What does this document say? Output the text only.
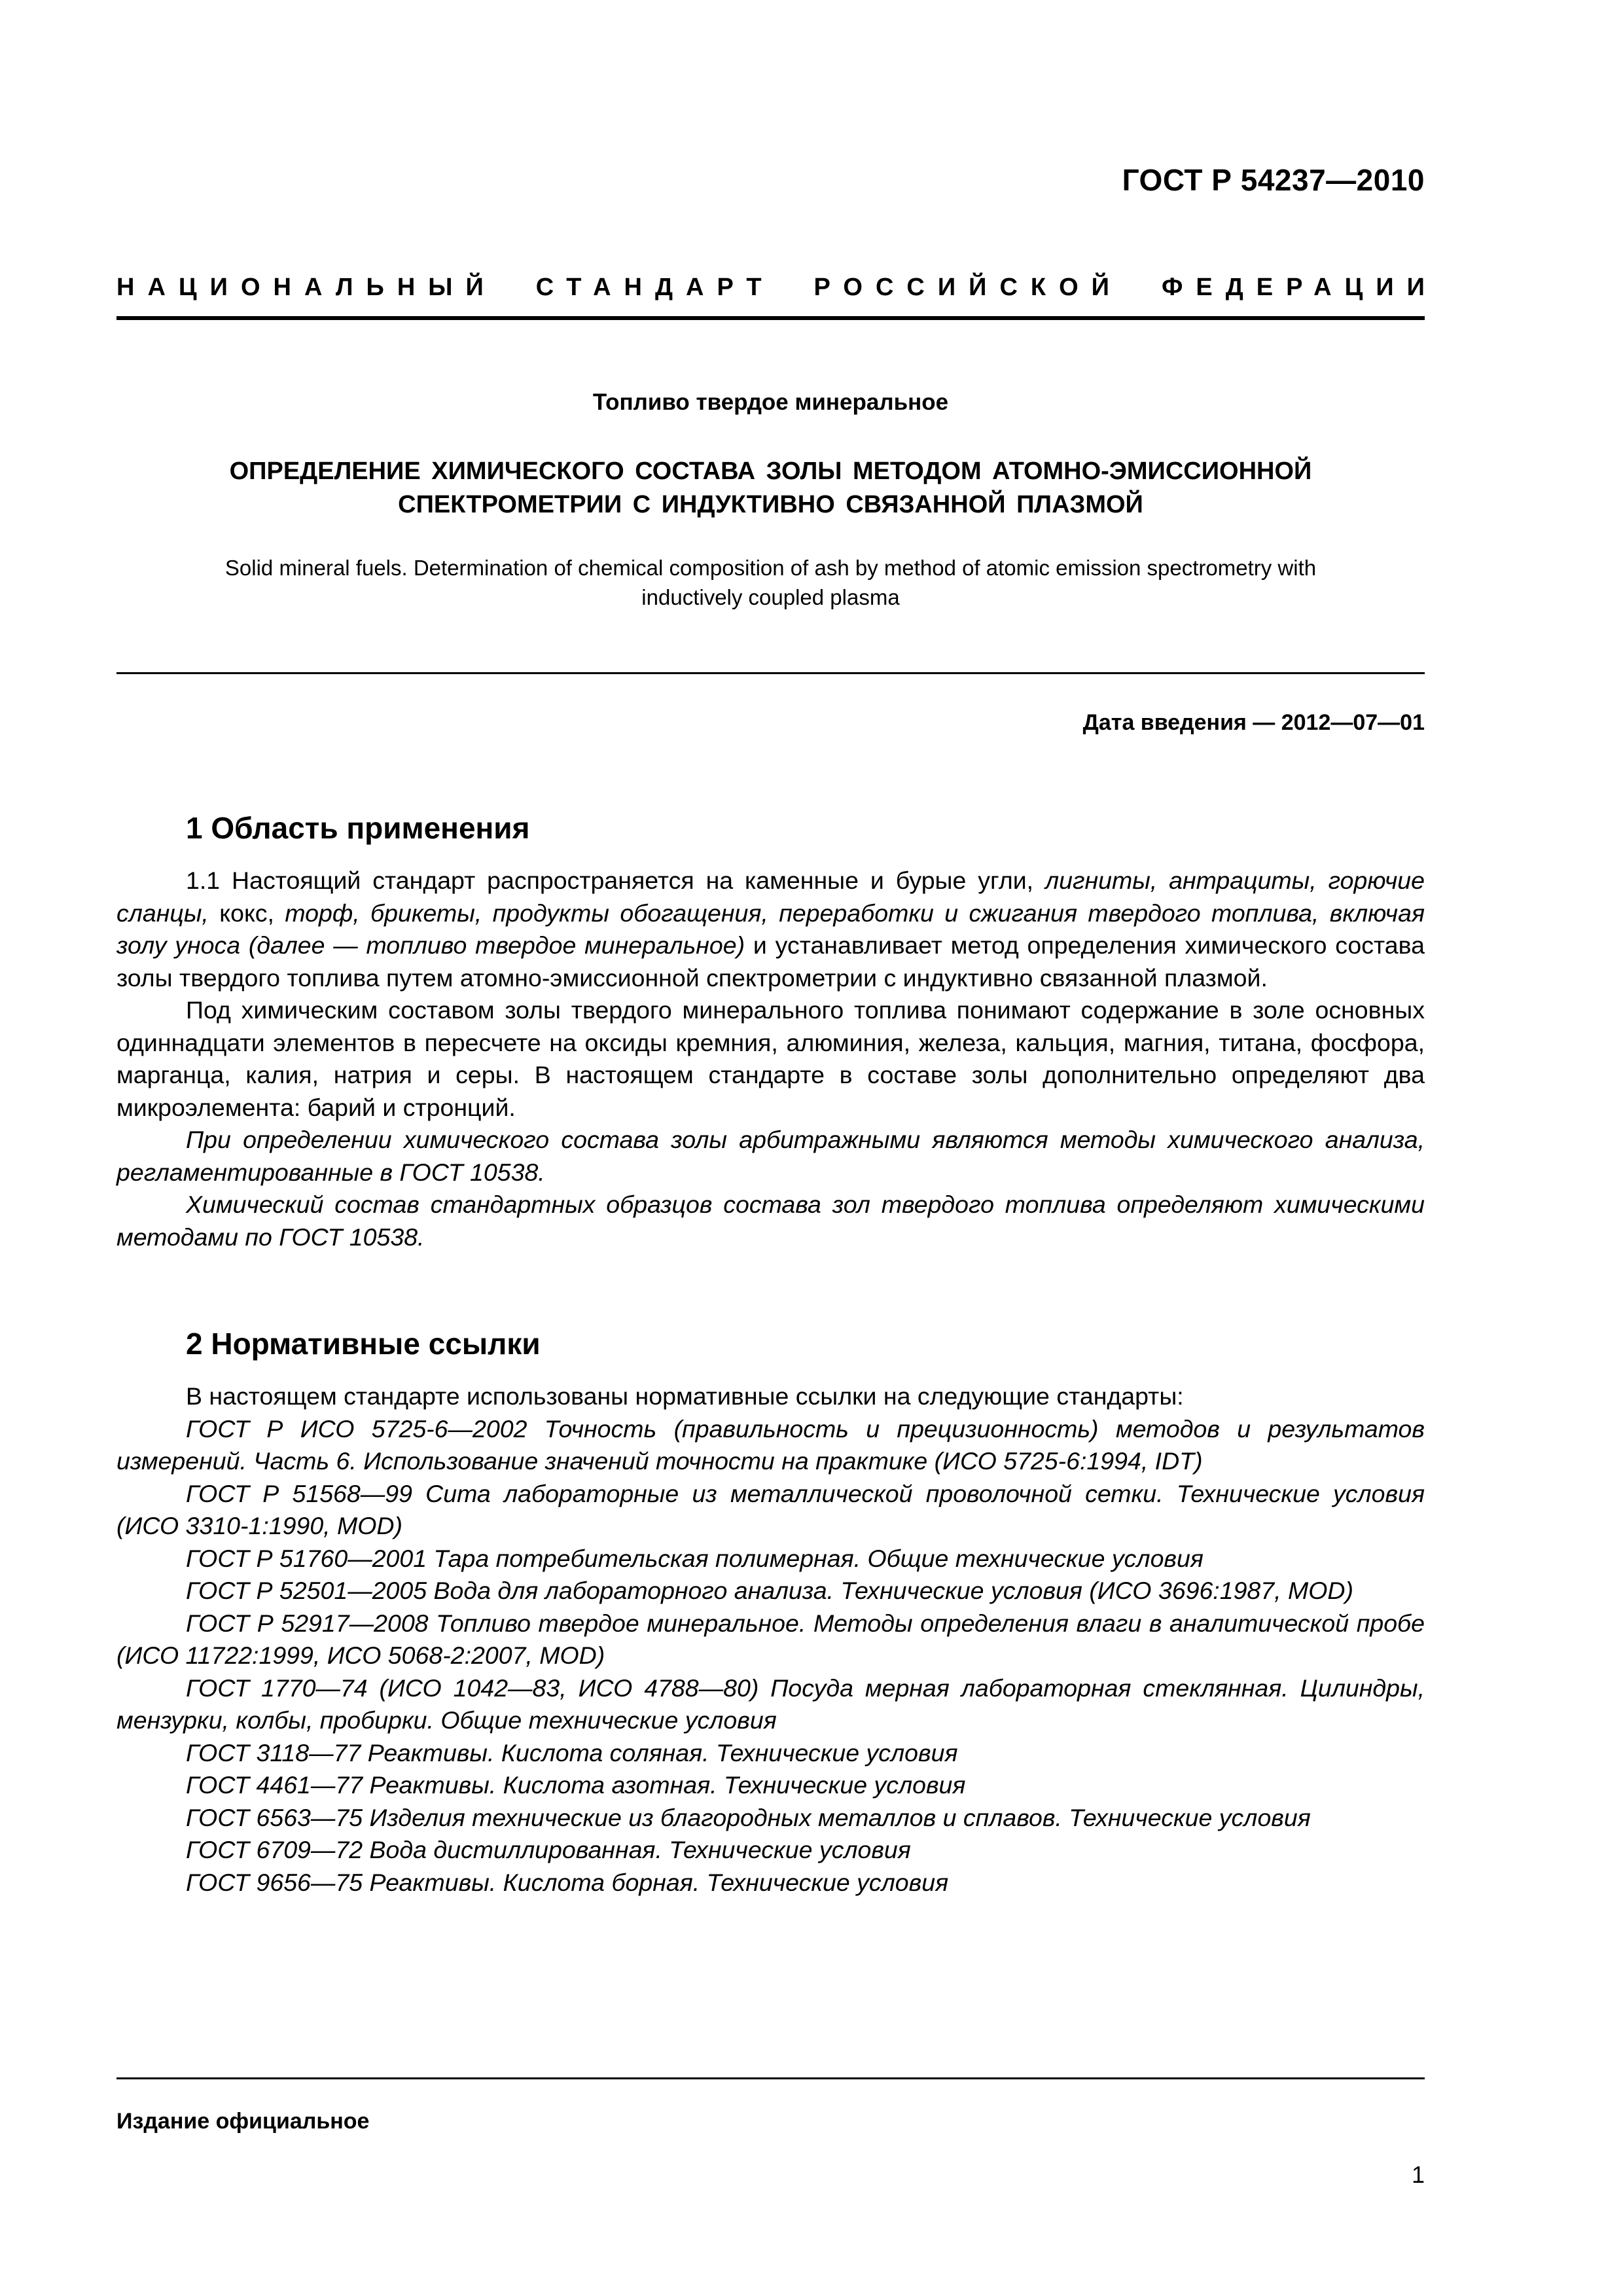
ГОСТ Р 54237—2010
НАЦИОНАЛЬНЫЙ СТАНДАРТ РОССИЙСКОЙ ФЕДЕРАЦИИ
Топливо твердое минеральное
ОПРЕДЕЛЕНИЕ ХИМИЧЕСКОГО СОСТАВА ЗОЛЫ МЕТОДОМ АТОМНО-ЭМИССИОННОЙ
СПЕКТРОМЕТРИИ С ИНДУКТИВНО СВЯЗАННОЙ ПЛАЗМОЙ
Solid mineral fuels. Determination of chemical composition of ash by method of atomic emission spectrometry with
inductively coupled plasma
Дата введения — 2012—07—01
1 Область применения

1.1 Настоящий стандарт распространяется на каменные и бурые угли, лигниты, антрациты, горючие сланцы, кокс, торф, брикеты, продукты обогащения, переработки и сжигания твердого топлива, включая золу уноса (далее — топливо твердое минеральное) и устанавливает метод определения химического состава золы твердого топлива путем атомно-эмиссионной спектрометрии с индуктивно связанной плазмой.

Под химическим составом золы твердого минерального топлива понимают содержание в золе основных одиннадцати элементов в пересчете на оксиды кремния, алюминия, железа, кальция, магния, титана, фосфора, марганца, калия, натрия и серы. В настоящем стандарте в составе золы дополнительно определяют два микроэлемента: барий и стронций.

При определении химического состава золы арбитражными являются методы химического анализа, регламентированные в ГОСТ 10538.

Химический состав стандартных образцов состава зол твердого топлива определяют химическими методами по ГОСТ 10538.

2 Нормативные ссылки

В настоящем стандарте использованы нормативные ссылки на следующие стандарты:

ГОСТ Р ИСО 5725-6—2002 Точность (правильность и прецизионность) методов и результатов измерений. Часть 6. Использование значений точности на практике (ИСО 5725-6:1994, IDT)

ГОСТ Р 51568—99 Сита лабораторные из металлической проволочной сетки. Технические условия (ИСО 3310-1:1990, MOD)

ГОСТ Р 51760—2001 Тара потребительская полимерная. Общие технические условия

ГОСТ Р 52501—2005 Вода для лабораторного анализа. Технические условия (ИСО 3696:1987, MOD)

ГОСТ Р 52917—2008 Топливо твердое минеральное. Методы определения влаги в аналитической пробе (ИСО 11722:1999, ИСО 5068-2:2007, MOD)

ГОСТ 1770—74 (ИСО 1042—83, ИСО 4788—80) Посуда мерная лабораторная стеклянная. Цилиндры, мензурки, колбы, пробирки. Общие технические условия

ГОСТ 3118—77 Реактивы. Кислота соляная. Технические условия

ГОСТ 4461—77 Реактивы. Кислота азотная. Технические условия

ГОСТ 6563—75 Изделия технические из благородных металлов и сплавов. Технические условия

ГОСТ 6709—72 Вода дистиллированная. Технические условия

ГОСТ 9656—75 Реактивы. Кислота борная. Технические условия

Издание официальное
1
